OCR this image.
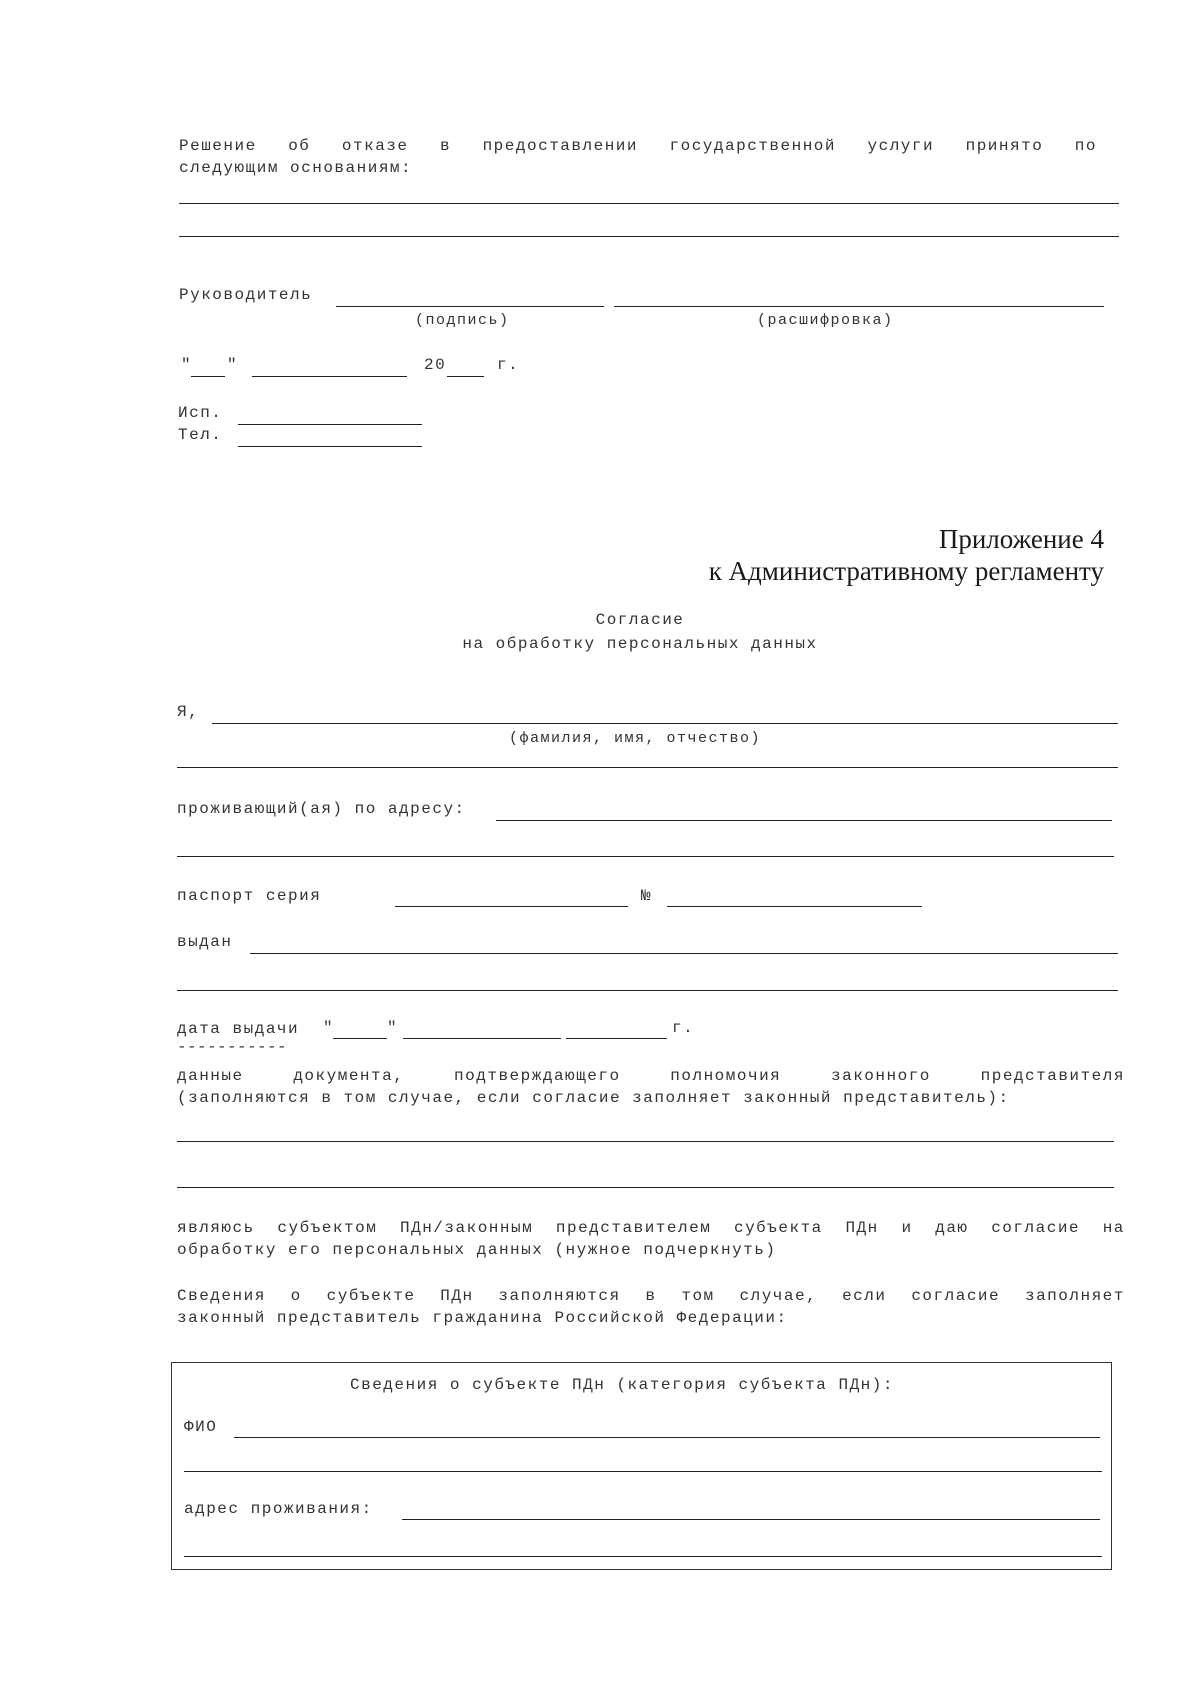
Решение об отказе в предоставлении государственной услуги принято по
следующим основаниям:
Руководитель
(подпись)	(расшифровка)
" "	20	г.
Исп.
Тел.
Приложение 4
к Административному регламенту
Согласие
на обработку персональных данных
Я,
(фамилия, имя, отчество)
проживающий(ая) по адресу:
паспорт серия	№
выдан
дата выдачи "	"	г.
-----------
данные	документа,	подтверждающего	полномочия	законного	представителя
(заполняются в том случае, если согласие заполняет законный представитель):
являюсь субъектом ПДн/законным представителем субъекта ПДн и даю согласие на
обработку его персональных данных (нужное подчеркнуть)
Сведения о субъекте ПДн заполняются в том случае, если согласие заполняет
законный представитель гражданина Российской Федерации:
Сведения о субъекте ПДн (категория субъекта ПДн):
ФИО
адрес проживания:
